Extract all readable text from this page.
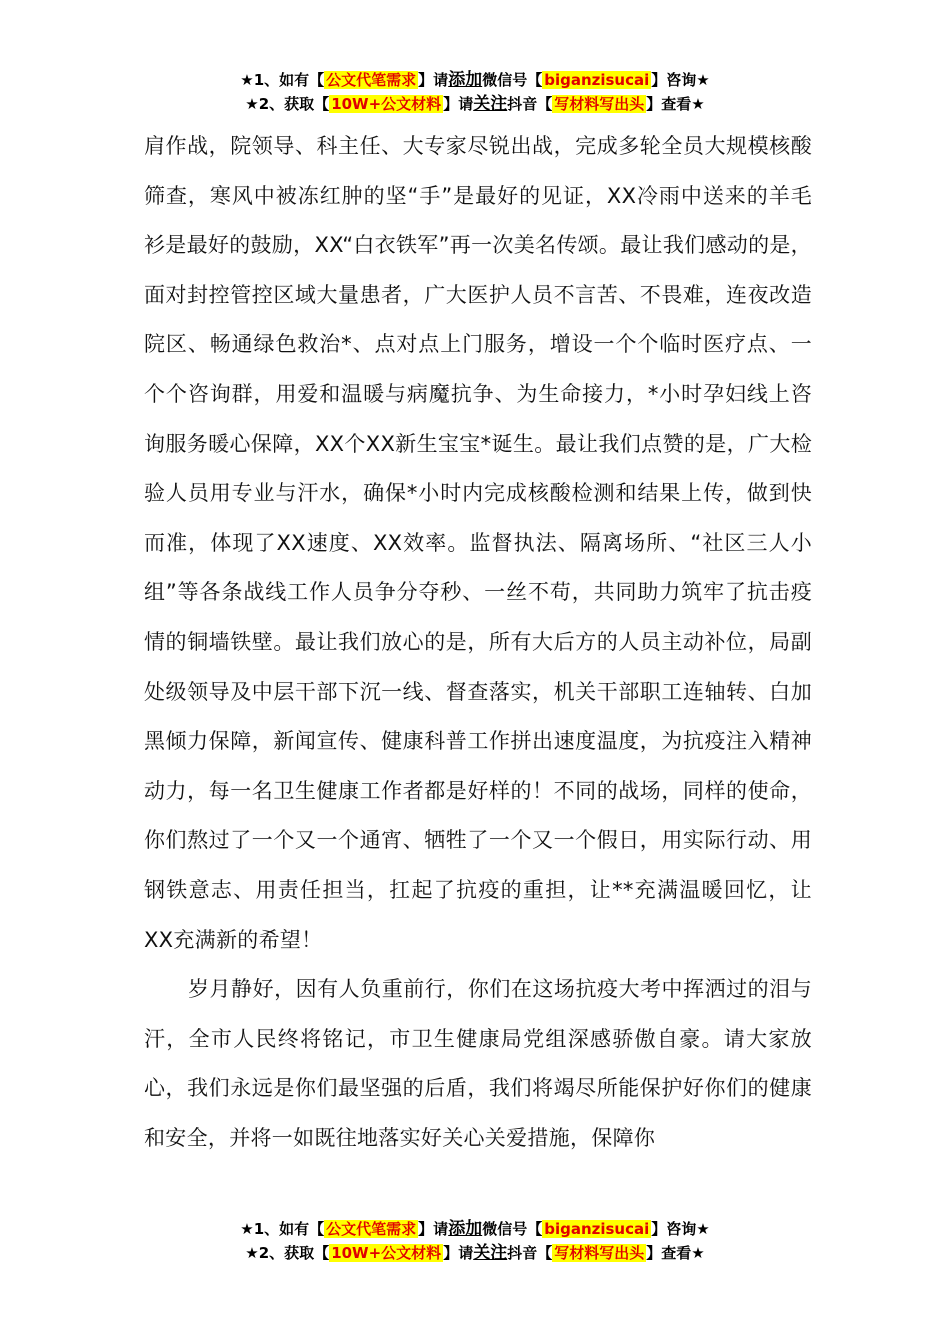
★1、如有【 公文代笔需求 】请添加微信号【 biganzisucai 】咨询★
★2、获取【 10W+公文材料 】请关注抖音【 写材料写出头 】查看★

肩作战，院领导、科主任、大专家尽锐出战，完成多轮全员大规模核酸筛查，寒风中被冻红肿的坚“手”是最好的见证，XX冷雨中送来的羊毛衫是最好的鼓励，XX“白衣铁军”再一次美名传颂。最让我们感动的是，面对封控管控区域大量患者，广大医护人员不言苦、不畏难，连夜改造院区、畅通绿色救治*、点对点上门服务，增设一个个临时医疗点、一个个咨询群，用爱和温暖与病魔抗争、为生命接力，*小时孕妇线上咨询服务暖心保障，XX个XX新生宝宝*诞生。最让我们点赞的是，广大检验人员用专业与汗水，确保*小时内完成核酸检测和结果上传，做到快而准，体现了XX速度、XX效率。监督执法、隔离场所、“社区三人小组”等各条战线工作人员争分夺秒、一丝不苟，共同助力筑牢了抗击疫情的铜墙铁壁。最让我们放心的是，所有大后方的人员主动补位，局副处级领导及中层干部下沉一线、督查落实，机关干部职工连轴转、白加黑倾力保障，新闻宣传、健康科普工作拼出速度温度，为抗疫注入精神动力，每一名卫生健康工作者都是好样的！不同的战场，同样的使命，你们熬过了一个又一个通宵、牺牲了一个又一个假日，用实际行动、用钢铁意志、用责任担当，扛起了抗疫的重担，让**充满温暖回忆，让XX充满新的希望！

岁月静好，因有人负重前行，你们在这场抗疫大考中挥洒过的泪与汗，全市人民终将铭记，市卫生健康局党组深感骄傲自豪。请大家放心，我们永远是你们最坚强的后盾，我们将竭尽所能保护好你们的健康和安全，并将一如既往地落实好关心关爱措施，保障你

★1、如有【 公文代笔需求 】请添加微信号【 biganzisucai 】咨询★
★2、获取【 10W+公文材料 】请关注抖音【 写材料写出头 】查看★
